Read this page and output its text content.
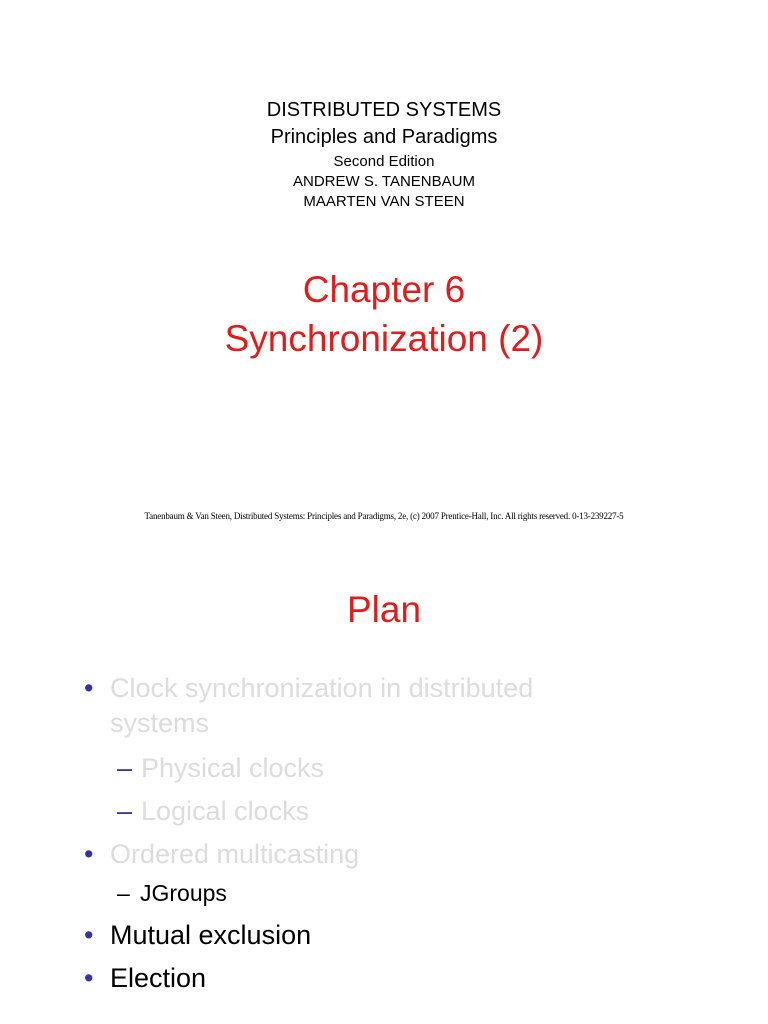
DISTRIBUTED SYSTEMS
Principles and Paradigms
Second Edition
ANDREW S. TANENBAUM
MAARTEN VAN STEEN
Chapter 6
Synchronization (2)
Tanenbaum & Van Steen, Distributed Systems: Principles and Paradigms, 2e, (c) 2007 Prentice-Hall, Inc. All rights reserved. 0-13-239227-5
Plan
• Clock synchronization in distributed
systems
– Physical clocks
– Logical clocks
• Ordered multicasting
– JGroups
• Mutual exclusion
• Election
